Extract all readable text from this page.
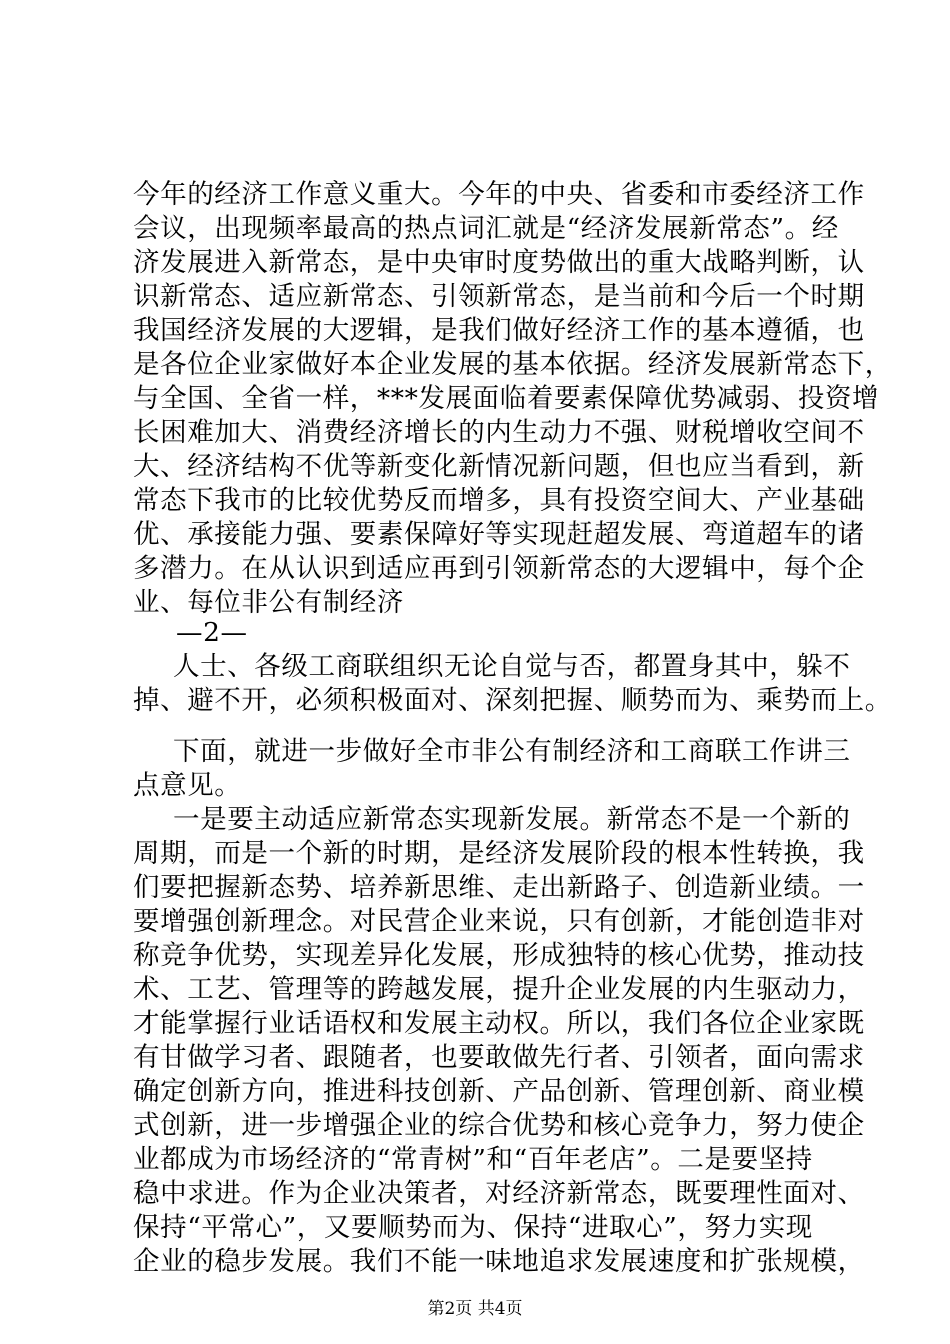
今年的经济工作意义重大。今年的中央、省委和市委经济工作
会议，出现频率最高的热点词汇就是“经济发展新常态”。经
济发展进入新常态，是中央审时度势做出的重大战略判断，认
识新常态、适应新常态、引领新常态，是当前和今后一个时期
我国经济发展的大逻辑，是我们做好经济工作的基本遵循，也
是各位企业家做好本企业发展的基本依据。经济发展新常态下，
与全国、全省一样，***发展面临着要素保障优势减弱、投资增
长困难加大、消费经济增长的内生动力不强、财税增收空间不
大、经济结构不优等新变化新情况新问题，但也应当看到，新
常态下我市的比较优势反而增多，具有投资空间大、产业基础
优、承接能力强、要素保障好等实现赶超发展、弯道超车的诸
多潜力。在从认识到适应再到引领新常态的大逻辑中，每个企
业、每位非公有制经济
—2—
人士、各级工商联组织无论自觉与否，都置身其中，躲不
掉、避不开，必须积极面对、深刻把握、顺势而为、乘势而上。
下面，就进一步做好全市非公有制经济和工商联工作讲三
点意见。
一是要主动适应新常态实现新发展。新常态不是一个新的
周期，而是一个新的时期，是经济发展阶段的根本性转换，我
们要把握新态势、培养新思维、走出新路子、创造新业绩。一
要增强创新理念。对民营企业来说，只有创新，才能创造非对
称竞争优势，实现差异化发展，形成独特的核心优势，推动技
术、工艺、管理等的跨越发展，提升企业发展的内生驱动力，
才能掌握行业话语权和发展主动权。所以，我们各位企业家既
有甘做学习者、跟随者，也要敢做先行者、引领者，面向需求
确定创新方向，推进科技创新、产品创新、管理创新、商业模
式创新，进一步增强企业的综合优势和核心竞争力，努力使企
业都成为市场经济的“常青树”和“百年老店”。二是要坚持
稳中求进。作为企业决策者，对经济新常态，既要理性面对、
保持“平常心”，又要顺势而为、保持“进取心”，努力实现
企业的稳步发展。我们不能一味地追求发展速度和扩张规模，
第2页 共4页
